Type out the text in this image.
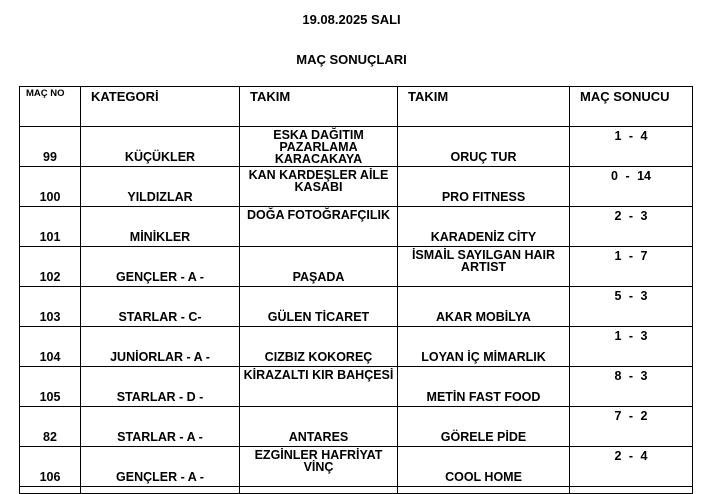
19.08.2025 SALI
MAÇ SONUÇLARI
MAÇ NO	KATEGORİ	TAKIM	TAKIM	MAÇ SONUCU
99	KÜÇÜKLER	ESKA DAĞITIM PAZARLAMA KARACAKAYA	ORUÇ TUR	1 - 4
100	YILDIZLAR	KAN KARDEŞLER AİLE KASABI	PRO FITNESS	0 - 14
101	MİNİKLER	DOĞA FOTOĞRAFÇILIK	KARADENİZ CİTY	2 - 3
102	GENÇLER - A -	PAŞADA	İSMAİL SAYILGAN HAIR ARTIST	1 - 7
103	STARLAR - C-	GÜLEN TİCARET	AKAR MOBİLYA	5 - 3
104	JUNİORLAR - A -	CIZBIZ KOKOREÇ	LOYAN İÇ MİMARLIK	1 - 3
105	STARLAR - D -	KİRAZALTI KIR BAHÇESİ	METİN FAST FOOD	8 - 3
82	STARLAR - A -	ANTARES	GÖRELE PİDE	7 - 2
106	GENÇLER - A -	EZGİNLER HAFRİYAT VİNÇ	COOL HOME	2 - 4
